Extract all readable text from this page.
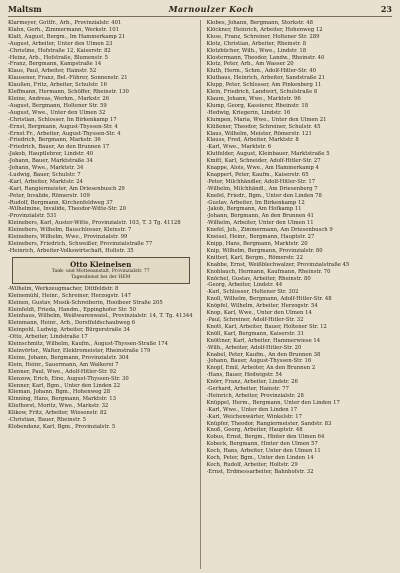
Maltsm	Marnoulzer Koch	23
Klarmeyer, Gottfr., Arb., Provinzialstr. 401
Klahn, Gerh., Zimmermann, Werkstr. 101
Klatt, August, Bergm., Im Hammerkamp 21
-August, Arbeiter, Unter den Ulmen 23
-Christine, Hofstraße 12, Kaiserstr. 82
-Heinz, Arb., Hofstraße, Blumenstr. 5
-Franz, Bergmann, Kampstraße 14
Klaus, Paul, Arbeiter, Hainstr. 52
Klausener, Franz, Bel.-Führer, Sonnenstr. 21
Klaußen, Fritz, Arbeiter, Schulstr. 16
Kleffmann, Hermann, Schöffer, Rheinstr. 130
Kleine, Andreas, Werkm., Markstr. 26
-August, Bergmann, Holtener Str. 59
-August, Wwe., Unter den Ulmen 32
-Christian, Schlosser, Im Birkenkamp 17
-Ernst, Bergmann, August-Thyssen-Str. 4
-Ernst Fr., Arbeiter, August-Thyssen-Str. 4
-Friedrich, Bergmann, Markstr. 36
-Friedrich, Bauer, An den Brunnen 17
-Jakob, Hauptlehrer, Lindstr. 40
-Johann, Bauer, Marktstraße 34
-Johann, Wwe., Marktstr. 34
-Ludwig, Bauer, Schulstr. 7
-Karl, Arbeiter, Marktstr. 24
-Karl, Rangiermeister, Am Driesenbusch 29
-Peter, Invalide, Römerstr. 109
-Rudolf, Bergmann, Kirchenfeldweg 37
-Wilhelmine, Invalide, Theodor-Witte-Str. 20
-Provinzialstr. 531
Kleinebers, Karl, Auster-Witte, Provinzialstr. 103, T. 3 Tg. 41128
Kleinebers, Wilhelm, Bauschlosser, Kleinstr. 7
Kleinebers, Wilhelm, Wwe., Provinzialstr. 99
Kleinebers, Friedrich, Schweißer, Provinzialstraße 77
-Heinrich, Arbeiter-Volkswirtschaft, Holtstr. 35
Otto Kleinelsen
Tank- und Mottenanstalt, Provinzialstr. 77
Tagesdienst bei der HEM
-Wilhelm, Werkzeugmacher, Dittfeldstr. 8
Kleinemühl, Heinr., Schreiner, Herzogstr. 147
Kleinen, Gustav, Musik-Schreiberin, Hooibeer Straße 205
Kleinfeldt, Frieda, Handm., Eppinghofer Str. 50
Kleinhaus, Wilhelm, Weißwarenwaisl., Provinzialstr. 14, T. Tg. 41344
Kleinmann, Heinr., Arb., Dorstfeldschaubweg 6
Kleinpohl, Ludwig, Arbeiter, Bürgerstraße 34
-Otto, Arbeiter, Lindstraße 17
Kleinschmitz, Wilhelm, Kaufm., August-Thyssen-Straße 174
Kleinvörtsr., Walter, Elektromeister, Rheinstraße 179
Kleine, Johann, Bergmann, Provinzialstr. 304
Klein, Heinr., Sauermann, Am Walkerei 7
Klenner, Paul, Wwe., Adolf-Hitler-Str. 92
Klenzow, Erich, Eine, August-Thyssen-Str. 30
Klenner, Karl, Bgm., Unter den Linden 22
Klieman, Johann, Bgm., Hohenweg 28
Klinning, Hans, Bergmann, Marktstr. 13
Kliefhorst, Moritz, Wwe., Markstr. 32
Klikow, Fritz, Arbeiter, Wiesenstr. 82
-Christian, Bauer, Rheinstr. 5
Klobendanz, Karl, Bgm., Provinzialstr. 5
Klobes, Johann, Bergmann, Storkstr. 48
Klöckner, Heinrich, Arbeiter, Hohenweg 12
Klose, Franz, Schreiner, Holtener Str. 289
Klotz, Christian, Arbeiter, Rheinstr. 8
Klotzbücher, Wilh., Wwe., Lindstr. 18
Klostermann, Theodor, Landw., Rheinstr. 40
Klotz, Peter, Arb., Am Wasser 20
Kluth, Herm., Schm., Adolf-Hitler-Str. 40
Kluthaus, Heinrich, Arbeiter, Sandstraße 21
Klupp, Peter, Schlosser, Am Pinkenberg 11
Klein, Friedrich, Landwirt, Schulstraße 8
Klaum, Johann, Wwe., Marktstr. 96
Klump, Georg, Kassierer, Rheinstr. 18
-Hedwig, Kriegerin, Lindstr. 16
Klumpen, Maria, Wwe., Unter den Ulmen 21
Klüßener, Theodor, Schreiner, Schulstr. 45
Klaus, Wilhelm, Meister, Römerstr. 121
Klauss, Fred, Arbeiter, Marktstr. 8
-Karl, Wwe., Marktstr. 6
Klutfelder, August, Kleinbauer, Marktstraße 5
Kmitt, Karl, Schneider, Adolf-Hitler-Str. 27
Knappe, Alois, Wwe., Am Hammerkamp 4
Knappert, Peter, Kaufm., Kaiserstr. 65
-Peter, Milchhändler, Adolf-Hitler-Str. 17
-Wilhelm, Milchhändl., Am Driesenberg 7
Knefel, Friedr., Bgm., Unter den Linden 78
-Gustav, Arbeiter, Im Birkenkamp 12
-Jakob, Bergmann, Am Hofkamp 11
-Johann, Bergmann, An den Brunnen 41
-Wilhelm, Arbeiter, Unter den Ulmen 11
Knefel, Joh., Zimmermann, Am Driesenbusch 9
Kneisel, Heinr., Bergmann, Hauptstr. 27
Knipp, Hans, Bergmann, Marktstr. 20
Knip, Wilhelm, Bergmann, Provinzialstr. 80
Knitterl, Karl, Bergm., Römerstr. 22
Knabbe, Ernst, Weißblechwalzer, Provinzialstraße 45
Knoblauch, Hermann, Kaufmann, Rheinstr. 70
Knöchel, Gustav, Arbeiter, Rheinstr. 80
-Georg, Arbeiter, Lindstr. 44
-Karl, Schlosser, Holtener Str. 302
Knoll, Wilhelm, Bergmann, Adolf-Hitler-Str. 48
Knöpfel, Wilhelm, Arbeiter, Herzogstr. 54
Knop, Karl, Wwe., Unter den Ulmen 14
-Paul, Schreiner, Adolf-Hitler-Str. 32
Knott, Karl, Arbeiter, Bauer, Holtener Str. 12
Knöll, Karl, Bergmann, Kaiserstr. 31
Knöttner, Karl, Arbeiter, Hammerwiese 14
-Wilh., Arbeiter, Adolf-Hitler-Str. 20
Knabel, Peter, Kaufm., An den Brunnen 38
-Johann, Bauer, August-Thyssen-Str. 16
Knopf, Emil, Arbeiter, An den Brunnen 2
-Hans, Bauer, Hedwigstr. 54
Knörr, Franz, Arbeiter, Lindstr. 26
-Gerhard, Arbeiter, Hainstr. 77
-Heinrich, Arbeiter, Provinzialstr. 28
Knüppel, Herm., Bergmann, Unter den Linden 17
-Karl, Wwe., Unter den Linden 17
-Karl, Weichenwärter, Winkelstr. 17
Knüpfer, Theodor, Rangiermeister, Sandstr. 83
Knoß, Georg, Arbeiter, Hauptstr. 48
Kobus, Ernst, Bergm., Hinter den Ulmen 64
Kobeck, Bergmann, Hinter den Ulmen 57
Koch, Hans, Arbeiter, Unter den Ulmen 11
Koch, Peter, Bgm., Unter den Linden 14
Koch, Rudolf, Arbeiter, Holtstr. 29
-Ernst, Erdmessarbeiter, Bahnhofstr. 32
